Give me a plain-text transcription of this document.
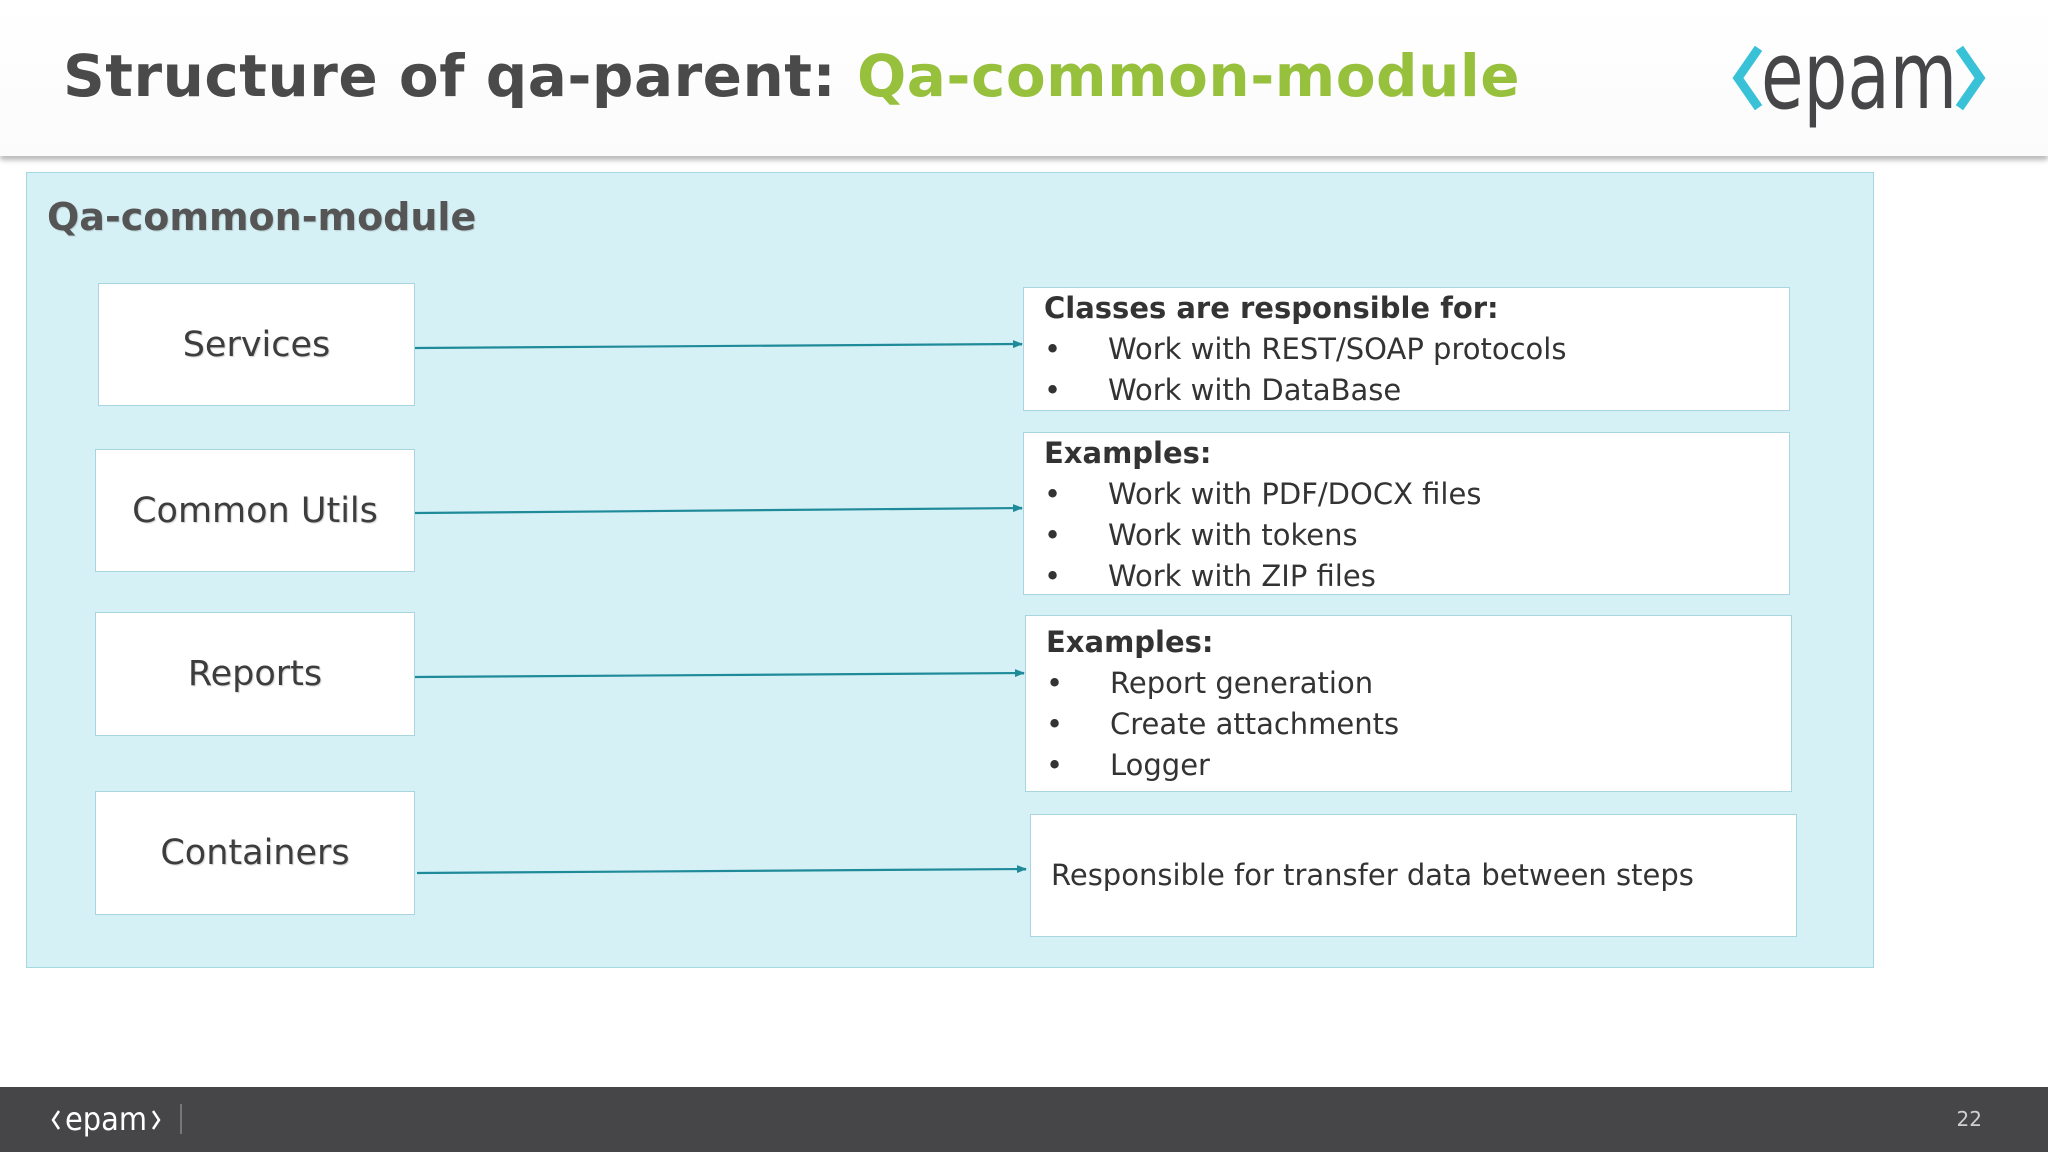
Structure of qa-parent: Qa-common-module	epam
Qa-common-module
Services
Common Utils
Reports
Containers
Classes are responsible for:
• Work with REST/SOAP protocols
• Work with DataBase
Examples:
• Work with PDF/DOCX files
• Work with tokens
• Work with ZIP files
Examples:
• Report generation
• Create attachments
• Logger
Responsible for transfer data between steps
epam	22
